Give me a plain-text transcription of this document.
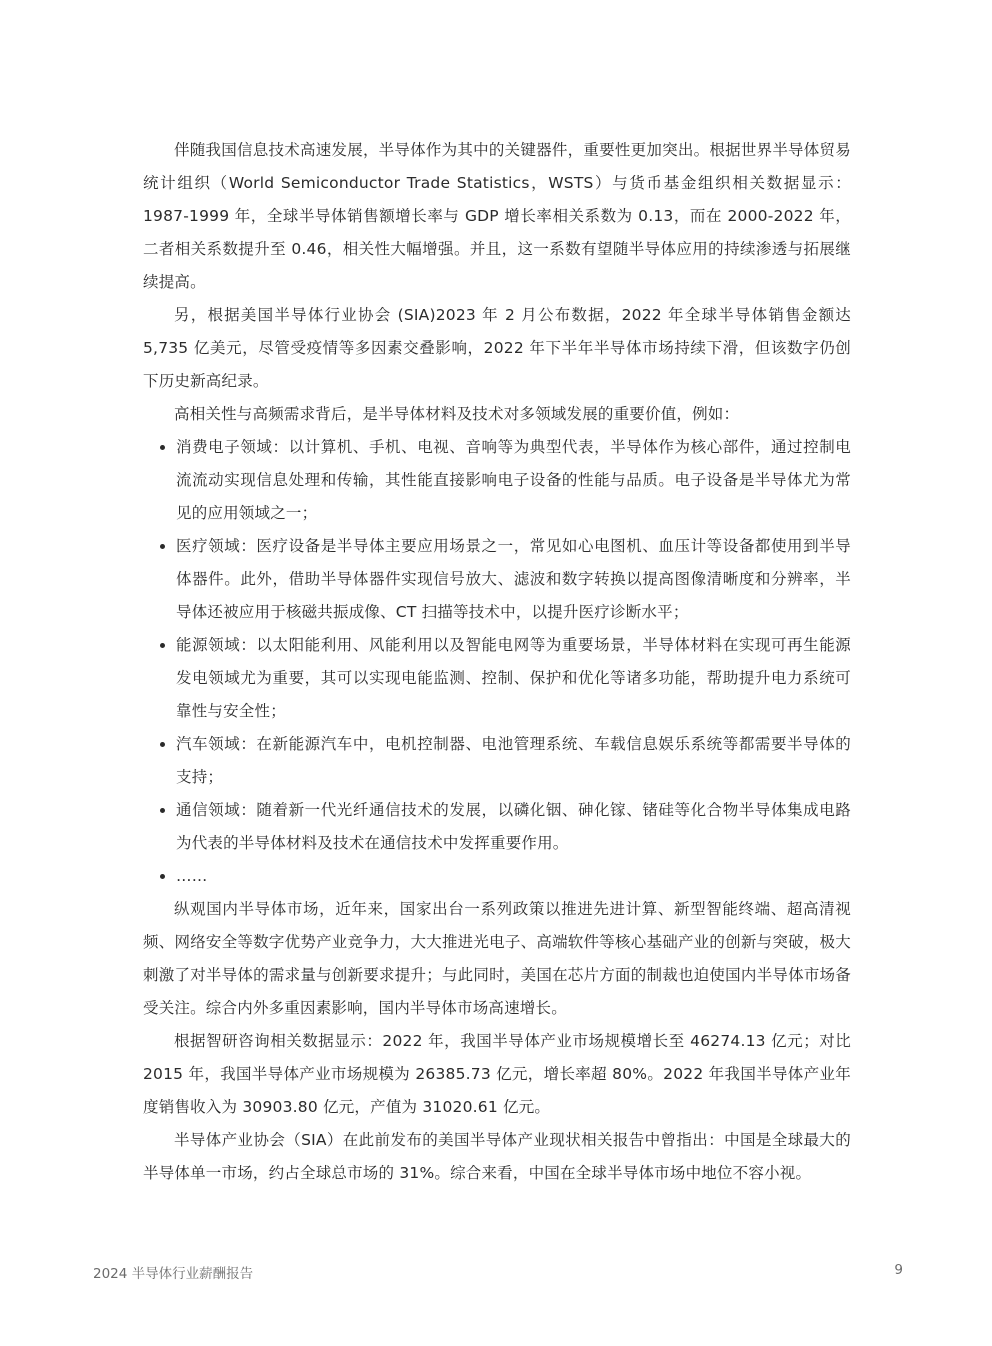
伴随我国信息技术高速发展，半导体作为其中的关键器件，重要性更加突出。根据世界半导体贸易统计组织（World Semiconductor Trade Statistics，WSTS）与货币基金组织相关数据显示：1987-1999 年，全球半导体销售额增长率与 GDP 增长率相关系数为 0.13，而在 2000-2022 年，二者相关系数提升至 0.46，相关性大幅增强。并且，这一系数有望随半导体应用的持续渗透与拓展继续提高。

另，根据美国半导体行业协会 (SIA)2023 年 2 月公布数据，2022 年全球半导体销售金额达 5,735 亿美元，尽管受疫情等多因素交叠影响，2022 年下半年半导体市场持续下滑，但该数字仍创下历史新高纪录。

高相关性与高频需求背后，是半导体材料及技术对多领域发展的重要价值，例如：

消费电子领域：以计算机、手机、电视、音响等为典型代表，半导体作为核心部件，通过控制电流流动实现信息处理和传输，其性能直接影响电子设备的性能与品质。电子设备是半导体尤为常见的应用领域之一；
医疗领域：医疗设备是半导体主要应用场景之一，常见如心电图机、血压计等设备都使用到半导体器件。此外，借助半导体器件实现信号放大、滤波和数字转换以提高图像清晰度和分辨率，半导体还被应用于核磁共振成像、CT 扫描等技术中，以提升医疗诊断水平；
能源领域：以太阳能利用、风能利用以及智能电网等为重要场景，半导体材料在实现可再生能源发电领域尤为重要，其可以实现电能监测、控制、保护和优化等诸多功能，帮助提升电力系统可靠性与安全性；
汽车领域：在新能源汽车中，电机控制器、电池管理系统、车载信息娱乐系统等都需要半导体的支持；
通信领域：随着新一代光纤通信技术的发展，以磷化铟、砷化镓、锗硅等化合物半导体集成电路为代表的半导体材料及技术在通信技术中发挥重要作用。
……

纵观国内半导体市场，近年来，国家出台一系列政策以推进先进计算、新型智能终端、超高清视频、网络安全等数字优势产业竞争力，大大推进光电子、高端软件等核心基础产业的创新与突破，极大刺激了对半导体的需求量与创新要求提升；与此同时，美国在芯片方面的制裁也迫使国内半导体市场备受关注。综合内外多重因素影响，国内半导体市场高速增长。

根据智研咨询相关数据显示：2022 年，我国半导体产业市场规模增长至 46274.13 亿元；对比 2015 年，我国半导体产业市场规模为 26385.73 亿元，增长率超 80%。2022 年我国半导体产业年度销售收入为 30903.80 亿元，产值为 31020.61 亿元。

半导体产业协会（SIA）在此前发布的美国半导体产业现状相关报告中曾指出：中国是全球最大的半导体单一市场，约占全球总市场的 31%。综合来看，中国在全球半导体市场中地位不容小视。

2024 半导体行业薪酬报告	9
